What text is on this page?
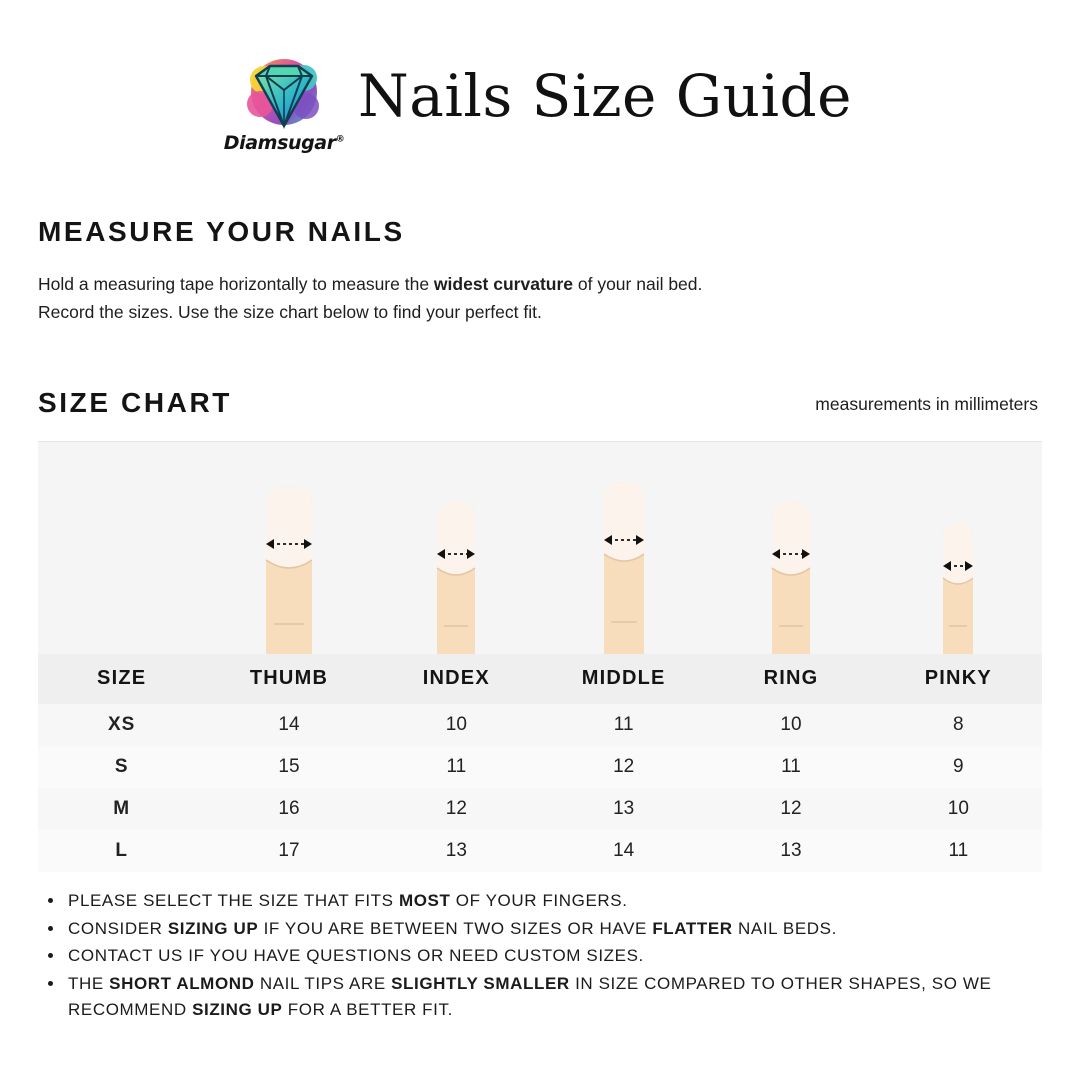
Diamsugar®
Nails Size Guide
MEASURE YOUR NAILS
Hold a measuring tape horizontally to measure the widest curvature of your nail bed.
Record the sizes. Use the size chart below to find your perfect fit.
SIZE CHART	measurements in millimeters
SIZE	THUMB	INDEX	MIDDLE	RING	PINKY
XS	14	10	11	10	8
S	15	11	12	11	9
M	16	12	13	12	10
L	17	13	14	13	11
PLEASE SELECT THE SIZE THAT FITS MOST OF YOUR FINGERS.
CONSIDER SIZING UP IF YOU ARE BETWEEN TWO SIZES OR HAVE FLATTER NAIL BEDS.
CONTACT US IF YOU HAVE QUESTIONS OR NEED CUSTOM SIZES.
THE SHORT ALMOND NAIL TIPS ARE SLIGHTLY SMALLER IN SIZE COMPARED TO OTHER SHAPES, SO WE RECOMMEND SIZING UP FOR A BETTER FIT.
